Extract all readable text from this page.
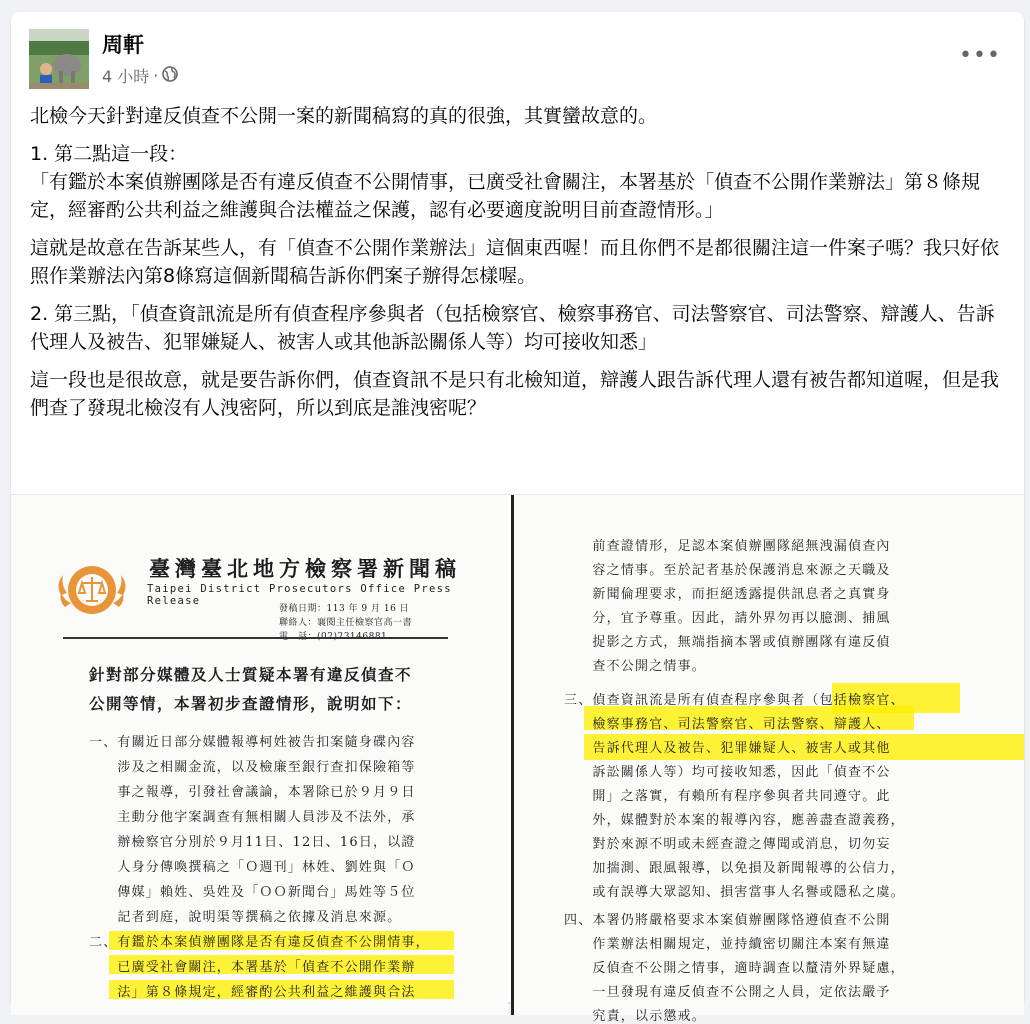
周軒
4 小時 ·
•••

北檢今天針對違反偵查不公開一案的新聞稿寫的真的很強，其實蠻故意的。

1. 第二點這一段：

「有鑑於本案偵辦團隊是否有違反偵查不公開情事，已廣受社會關注，本署基於「偵查不公開作業辦法」第８條規定，經審酌公共利益之維護與合法權益之保護，認有必要適度說明目前查證情形。」

這就是故意在告訴某些人，有「偵查不公開作業辦法」這個東西喔！而且你們不是都很關注這一件案子嗎？我只好依照作業辦法內第8條寫這個新聞稿告訴你們案子辦得怎樣喔。

2. 第三點，「偵查資訊流是所有偵查程序參與者（包括檢察官、檢察事務官、司法警察官、司法警察、辯護人、告訴代理人及被告、犯罪嫌疑人、被害人或其他訴訟關係人等）均可接收知悉」

這一段也是很故意，就是要告訴你們，偵查資訊不是只有北檢知道，辯護人跟告訴代理人還有被告都知道喔，但是我們查了發現北檢沒有人洩密阿，所以到底是誰洩密呢？

臺灣臺北地方檢察署新聞稿
Taipei District Prosecutors Office Press Release
發稿日期：113 年 9 月 16 日
聯絡人：襄閱主任檢察官高一書
針對部分媒體及人士質疑本署有違反偵查不
公開等情，本署初步查證情形，說明如下：
一、有關近日部分媒體報導柯姓被告扣案隨身碟內容
　　涉及之相關金流，以及檢廉至銀行查扣保險箱等
　　事之報導，引發社會議論，本署除已於９月９日
　　主動分他字案調查有無相關人員涉及不法外，承
　　辦檢察官分別於９月11日、12日、16日，以證
　　人身分傳喚撰稿之「Ｏ週刊」林姓、劉姓與「Ｏ
　　傳媒」賴姓、吳姓及「ＯＯ新聞台」馬姓等５位
　　記者到庭，說明渠等撰稿之依據及消息來源。
二、有鑑於本案偵辦團隊是否有違反偵查不公開情事，
　　已廣受社會關注，本署基於「偵查不公開作業辦
　　法」第８條規定，經審酌公共利益之維護與合法
　　前查證情形，足認本案偵辦團隊絕無洩漏偵查內
　　容之情事。至於記者基於保護消息來源之天職及
　　新聞倫理要求，而拒絕透露提供訊息者之真實身
　　分，宜予尊重。因此，請外界勿再以臆測、捕風
　　捉影之方式，無端指摘本署或偵辦團隊有違反偵
　　查不公開之情事。
三、偵查資訊流是所有偵查程序參與者（包括檢察官、
　　檢察事務官、司法警察官、司法警察、辯護人、
　　告訴代理人及被告、犯罪嫌疑人、被害人或其他
　　訴訟關係人等）均可接收知悉，因此「偵查不公
　　開」之落實，有賴所有程序參與者共同遵守。此
　　外，媒體對於本案的報導內容，應善盡查證義務，
　　對於來源不明或未經查證之傳聞或消息，切勿妄
　　加揣測、跟風報導，以免損及新聞報導的公信力，
　　或有誤導大眾認知、損害當事人名譽或隱私之虞。
四、本署仍將嚴格要求本案偵辦團隊恪遵偵查不公開
　　作業辦法相關規定，並持續密切關注本案有無違
　　反偵查不公開之情事，適時調查以釐清外界疑慮，
　　一旦發現有違反偵查不公開之人員，定依法嚴予
　　究責，以示懲戒。
